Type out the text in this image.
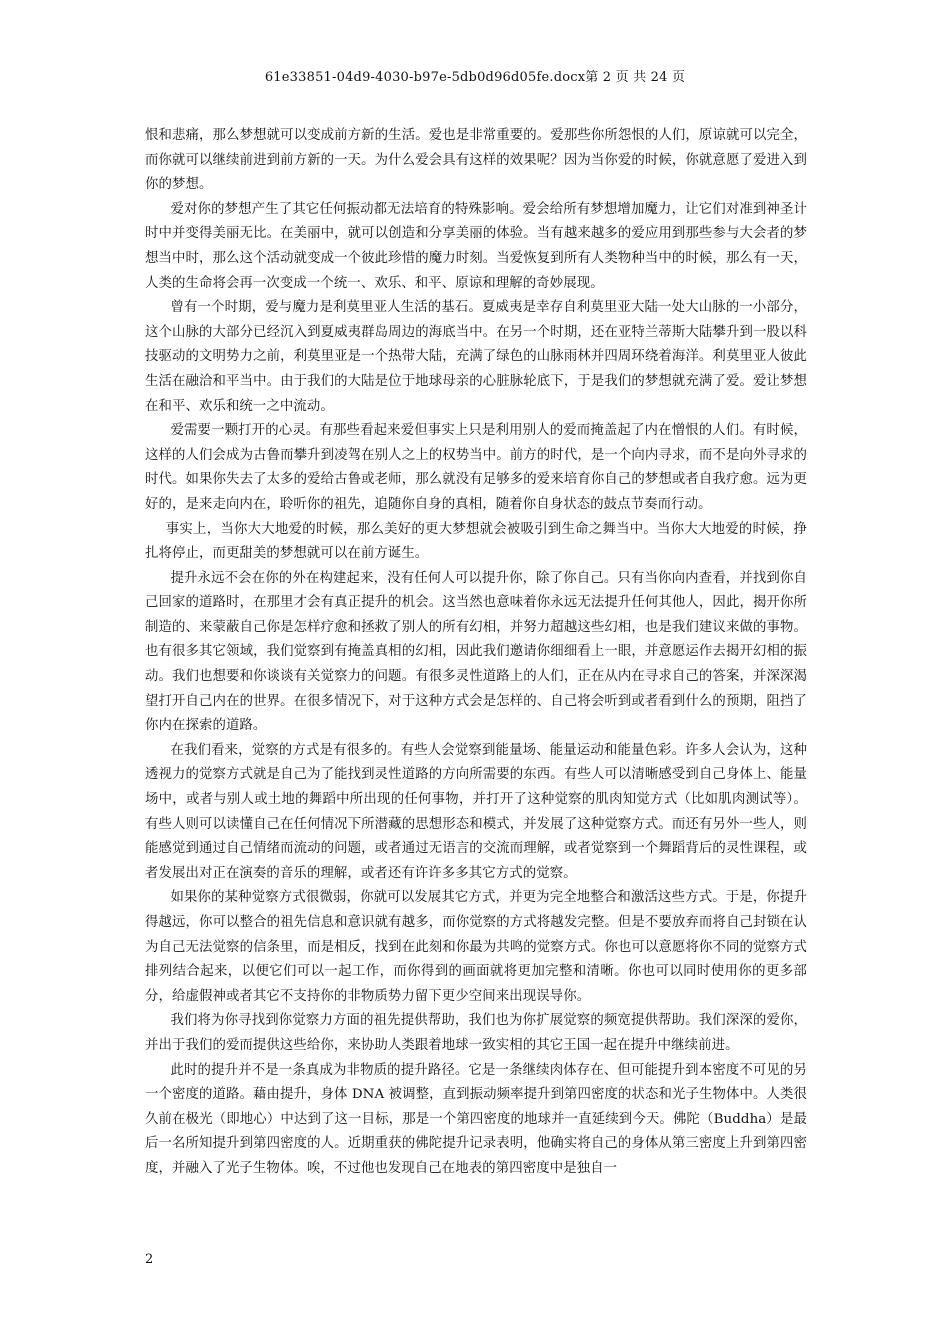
61e33851-04d9-4030-b97e-5db0d96d05fe.docx第 2 页 共 24 页

恨和悲痛，那么梦想就可以变成前方新的生活。爱也是非常重要的。爱那些你所怨恨的人们，原谅就可以完全，而你就可以继续前进到前方新的一天。为什么爱会具有这样的效果呢？因为当你爱的时候，你就意愿了爱进入到你的梦想。

爱对你的梦想产生了其它任何振动都无法培育的特殊影响。爱会给所有梦想增加魔力，让它们对准到神圣计时中并变得美丽无比。在美丽中，就可以创造和分享美丽的体验。当有越来越多的爱应用到那些参与大会者的梦想当中时，那么这个活动就变成一个彼此珍惜的魔力时刻。当爱恢复到所有人类物种当中的时候，那么有一天，人类的生命将会再一次变成一个统一、欢乐、和平、原谅和理解的奇妙展现。

曾有一个时期，爱与魔力是利莫里亚人生活的基石。夏威夷是幸存自利莫里亚大陆一处大山脉的一小部分，这个山脉的大部分已经沉入到夏威夷群岛周边的海底当中。在另一个时期，还在亚特兰蒂斯大陆攀升到一股以科技驱动的文明势力之前，利莫里亚是一个热带大陆，充满了绿色的山脉雨林并四周环绕着海洋。利莫里亚人彼此生活在融洽和平当中。由于我们的大陆是位于地球母亲的心脏脉轮底下，于是我们的梦想就充满了爱。爱让梦想在和平、欢乐和统一之中流动。

爱需要一颗打开的心灵。有那些看起来爱但事实上只是利用别人的爱而掩盖起了内在憎恨的人们。有时候，这样的人们会成为古鲁而攀升到凌驾在别人之上的权势当中。前方的时代，是一个向内寻求，而不是向外寻求的时代。如果你失去了太多的爱给古鲁或老师，那么就没有足够多的爱来培育你自己的梦想或者自我疗愈。远为更好的，是来走向内在，聆听你的祖先，追随你自身的真相，随着你自身状态的鼓点节奏而行动。

事实上，当你大大地爱的时候，那么美好的更大梦想就会被吸引到生命之舞当中。当你大大地爱的时候，挣扎将停止，而更甜美的梦想就可以在前方诞生。

提升永远不会在你的外在构建起来，没有任何人可以提升你，除了你自己。只有当你向内查看，并找到你自己回家的道路时，在那里才会有真正提升的机会。这当然也意味着你永远无法提升任何其他人，因此，揭开你所制造的、来蒙蔽自己你是怎样疗愈和拯救了别人的所有幻相，并努力超越这些幻相，也是我们建议来做的事物。也有很多其它领域，我们觉察到有掩盖真相的幻相，因此我们邀请你细细看上一眼，并意愿运作去揭开幻相的振动。我们也想要和你谈谈有关觉察力的问题。有很多灵性道路上的人们，正在从内在寻求自己的答案，并深深渴望打开自己内在的世界。在很多情况下，对于这种方式会是怎样的、自己将会听到或者看到什么的预期，阻挡了你内在探索的道路。

在我们看来，觉察的方式是有很多的。有些人会觉察到能量场、能量运动和能量色彩。许多人会认为，这种透视力的觉察方式就是自己为了能找到灵性道路的方向所需要的东西。有些人可以清晰感受到自己身体上、能量场中，或者与别人或土地的舞蹈中所出现的任何事物，并打开了这种觉察的肌肉知觉方式（比如肌肉测试等）。有些人则可以读懂自己在任何情况下所潜藏的思想形态和模式，并发展了这种觉察方式。而还有另外一些人，则能感觉到通过自己情绪而流动的问题，或者通过无语言的交流而理解，或者觉察到一个舞蹈背后的灵性课程，或者发展出对正在演奏的音乐的理解，或者还有许许多多其它方式的觉察。

如果你的某种觉察方式很微弱，你就可以发展其它方式，并更为完全地整合和激活这些方式。于是，你提升得越远，你可以整合的祖先信息和意识就有越多，而你觉察的方式将越发完整。但是不要放弃而将自己封锁在认为自己无法觉察的信条里，而是相反，找到在此刻和你最为共鸣的觉察方式。你也可以意愿将你不同的觉察方式排列结合起来，以便它们可以一起工作，而你得到的画面就将更加完整和清晰。你也可以同时使用你的更多部分，给虚假神或者其它不支持你的非物质势力留下更少空间来出现误导你。

我们将为你寻找到你觉察力方面的祖先提供帮助，我们也为你扩展觉察的频宽提供帮助。我们深深的爱你，并出于我们的爱而提供这些给你，来协助人类跟着地球一致实相的其它王国一起在提升中继续前进。

此时的提升并不是一条真成为非物质的提升路径。它是一条继续肉体存在、但可能提升到本密度不可见的另一个密度的道路。藉由提升，身体 DNA 被调整，直到振动频率提升到第四密度的状态和光子生物体中。人类很久前在极光（即地心）中达到了这一目标，那是一个第四密度的地球并一直延续到今天。佛陀（Buddha）是最后一名所知提升到第四密度的人。近期重获的佛陀提升记录表明，他确实将自己的身体从第三密度上升到第四密度，并融入了光子生物体。唉，不过他也发现自己在地表的第四密度中是独自一

2
